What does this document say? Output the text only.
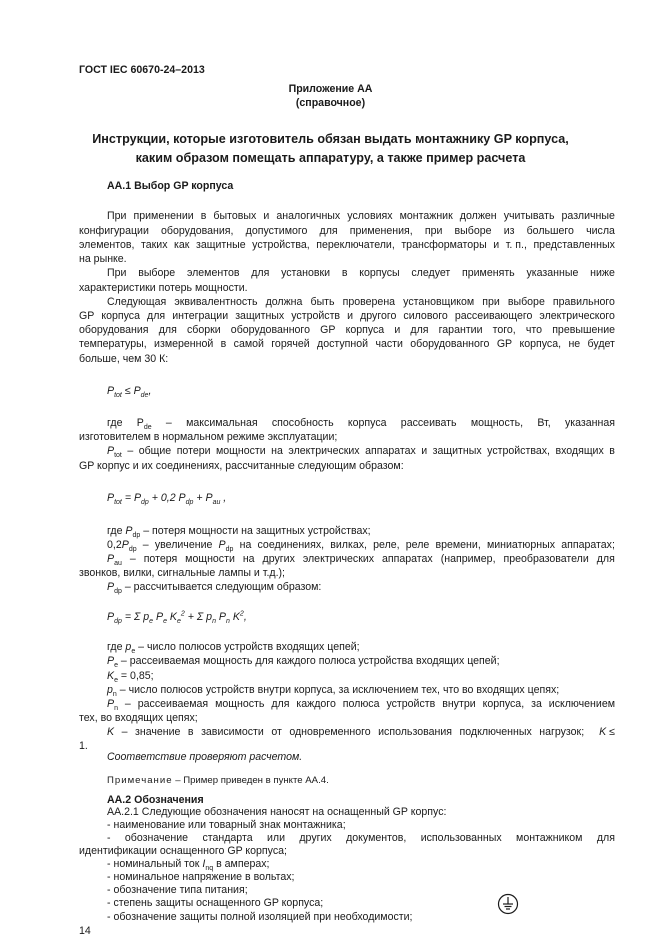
ГОСТ IEC 60670-24–2013
Приложение АА
(справочное)
Инструкции, которые изготовитель обязан выдать монтажнику GP корпуса,
каким образом помещать аппаратуру, а также пример расчета
АА.1 Выбор GP корпуса
При применении в бытовых и аналогичных условиях монтажник должен учитывать различные
конфигурации оборудования, допустимого для применения, при выборе из большего числа
элементов, таких как защитные устройства, переключатели, трансформаторы и т. п., представленных
на рынке.
При выборе элементов для установки в корпусы следует применять указанные ниже
характеристики потерь мощности.
Следующая эквивалентность должна быть проверена установщиком при выборе правильного
GP корпуса для интеграции защитных устройств и другого силового рассеивающего электрического
оборудования для сборки оборудованного GP корпуса и для гарантии того, что превышение
температуры, измеренной в самой горячей доступной части оборудованного GP корпуса, не будет
больше, чем 30 К:
$P_{tot} \le P_{de}$,
где $P_{de}$ – максимальная способность корпуса рассеивать мощность, Вт, указанная
изготовителем в нормальном режиме эксплуатации;
$P_{tot}$ – общие потери мощности на электрических аппаратах и защитных устройствах, входящих в
GP корпус и их соединениях, рассчитанные следующим образом:
$P_{tot} = P_{dp} + 0,2$ $P_{dp} + P_{au}$ ,
где $P_{dp}$ – потеря мощности на защитных устройствах;
$0,2P_{dp}$ – увеличение $P_{dp}$ на соединениях, вилках, реле, реле времени, миниатюрных аппаратах;
$P_{au}$ – потеря мощности на других электрических аппаратах (например, преобразователи для
звонков, вилки, сигнальные лампы и т.д.);
$P_{dp}$ – рассчитывается следующим образом:
$P_{dp} = \Sigma$ $p_e$ $P_e$ $K_e^2 + \Sigma$ $p_n$ $P_n$ $K^2$,
где $p_e$ – число полюсов устройств входящих цепей;
$P_e$ – рассеиваемая мощность для каждого полюса устройства входящих цепей;
$K_e = 0,85$;
$p_n$ – число полюсов устройств внутри корпуса, за исключением тех, что во входящих цепях;
$P_n$ – рассеиваемая мощность для каждого полюса устройств внутри корпуса, за исключением
тех, во входящих цепях;
K – значение в зависимости от одновременного использования подключенных нагрузок; K ≤
1.
Соответствие проверяют расчетом.
Примечание – Пример приведен в пункте АА.4.
АА.2 Обозначения
АА.2.1 Следующие обозначения наносят на оснащенный GP корпус:
- наименование или товарный знак монтажника;
- обозначение стандарта или других документов, использованных монтажником для
идентификации оснащенного GP корпуса;
- номинальный ток $I_{nq}$ в амперах;
- номинальное напряжение в вольтах;
- обозначение типа питания;
- степень защиты оснащенного GP корпуса;
- обозначение защиты полной изоляцией при необходимости;
14
